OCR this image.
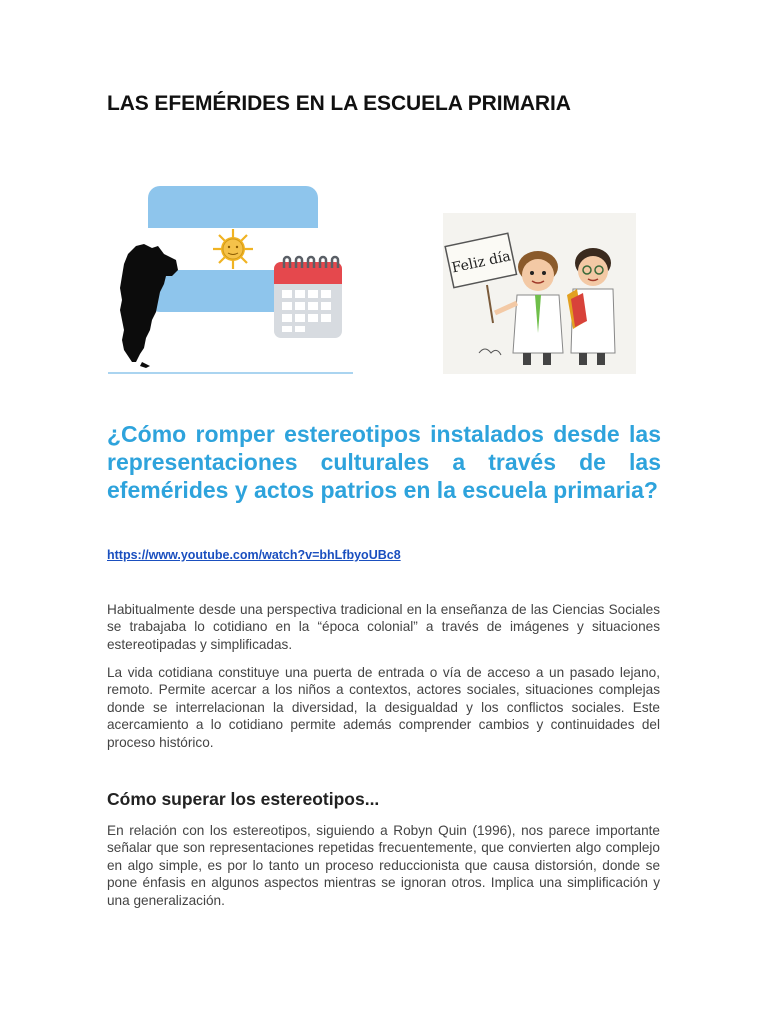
LAS EFEMÉRIDES EN LA ESCUELA PRIMARIA
Feliz día
¿Cómo romper estereotipos instalados desde las representaciones culturales a través de las efemérides y actos patrios en la escuela primaria?
https://www.youtube.com/watch?v=bhLfbyoUBc8

Habitualmente desde una perspectiva tradicional en la enseñanza de las Ciencias Sociales se trabajaba lo cotidiano en la “época colonial” a través de imágenes y situaciones estereotipadas y simplificadas.

La vida cotidiana constituye una puerta de entrada o vía de acceso a un pasado lejano, remoto. Permite acercar a los niños a contextos, actores sociales, situaciones complejas donde se interrelacionan la diversidad, la desigualdad y los conflictos sociales. Este acercamiento a lo cotidiano permite además comprender cambios y continuidades del proceso histórico.

Cómo superar los estereotipos...

En relación con los estereotipos, siguiendo a Robyn Quin (1996), nos parece importante señalar que son representaciones repetidas frecuentemente, que convierten algo complejo en algo simple, es por lo tanto un proceso reduccionista que causa distorsión, donde se pone énfasis en algunos aspectos mientras se ignoran otros. Implica una simplificación y una generalización.
